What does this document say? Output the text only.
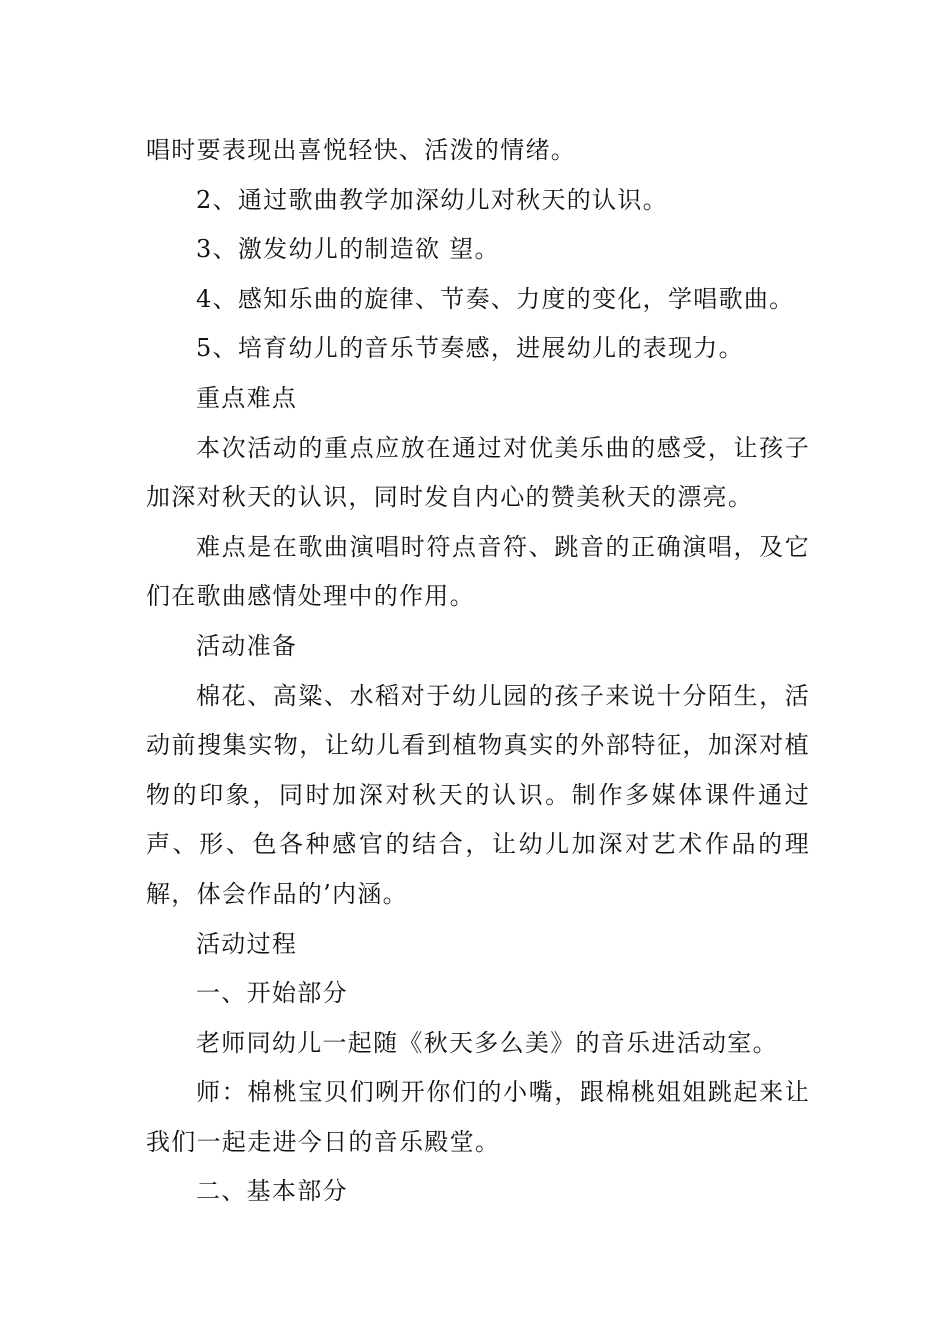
唱时要表现出喜悦轻快、活泼的情绪。

2、通过歌曲教学加深幼儿对秋天的认识。

3、激发幼儿的制造欲 望。

4、感知乐曲的旋律、节奏、力度的变化，学唱歌曲。

5、培育幼儿的音乐节奏感，进展幼儿的表现力。

重点难点

本次活动的重点应放在通过对优美乐曲的感受，让孩子加深对秋天的认识，同时发自内心的赞美秋天的漂亮。

难点是在歌曲演唱时符点音符、跳音的正确演唱，及它们在歌曲感情处理中的作用。

活动准备

棉花、高粱、水稻对于幼儿园的孩子来说十分陌生，活动前搜集实物，让幼儿看到植物真实的外部特征，加深对植物的印象，同时加深对秋天的认识。制作多媒体课件通过声、形、色各种感官的结合，让幼儿加深对艺术作品的理解，体会作品的’内涵。

活动过程

一、开始部分

老师同幼儿一起随《秋天多么美》的音乐进活动室。

师：棉桃宝贝们咧开你们的小嘴，跟棉桃姐姐跳起来让我们一起走进今日的音乐殿堂。

二、基本部分
